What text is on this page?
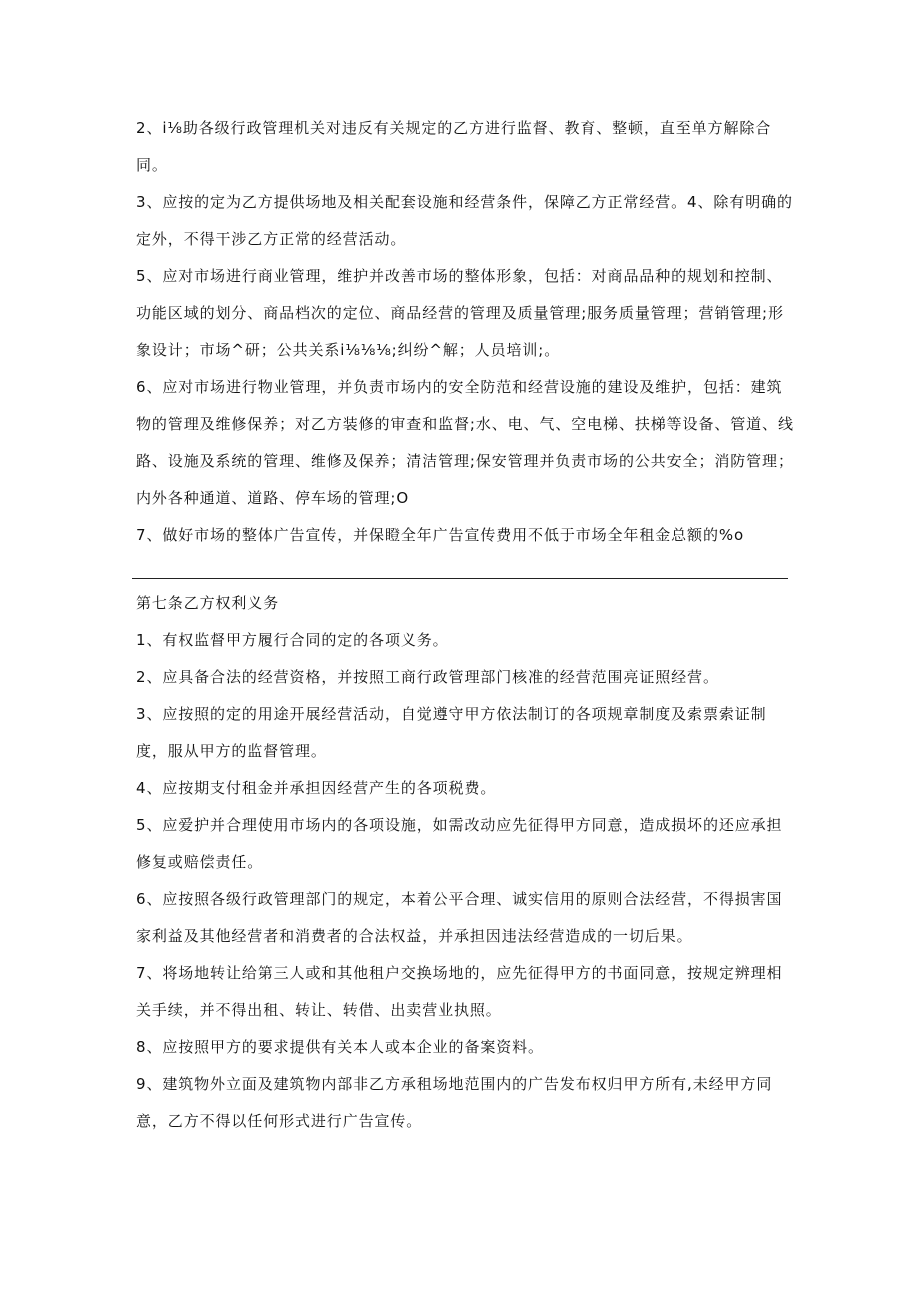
2、i⅛助各级行政管理机关对违反有关规定的乙方进行监督、教育、整顿，直至单方解除合同。

3、应按的定为乙方提供场地及相关配套设施和经营条件，保障乙方正常经营。4、除有明确的定外，不得干涉乙方正常的经营活动。

5、应对市场进行商业管理，维护并改善市场的整体形象，包括：对商品品种的规划和控制、功能区域的划分、商品档次的定位、商品经营的管理及质量管理;服务质量管理；营销管理;形象设计；市场^研；公共关系i⅛⅛⅛;纠纷^解；人员培训;。

6、应对市场进行物业管理，并负责市场内的安全防范和经营设施的建设及维护，包括：建筑物的管理及维修保养；对乙方装修的审查和监督;水、电、气、空电梯、扶梯等设备、管道、线路、设施及系统的管理、维修及保养；清洁管理;保安管理并负责市场的公共安全；消防管理；内外各种通道、道路、停车场的管理;O

7、做好市场的整体广告宣传，并保瞪全年广告宣传费用不低于市场全年租金总额的%o

第七条乙方权利义务

1、有权监督甲方履行合同的定的各项义务。

2、应具备合法的经营资格，并按照工商行政管理部门核准的经营范围亮证照经营。

3、应按照的定的用途开展经营活动，自觉遵守甲方依法制订的各项规章制度及索票索证制度，服从甲方的监督管理。

4、应按期支付租金并承担因经营产生的各项税费。

5、应爱护并合理使用市场内的各项设施，如需改动应先征得甲方同意，造成损坏的还应承担修复或赔偿责任。

6、应按照各级行政管理部门的规定，本着公平合理、诚实信用的原则合法经营，不得损害国家利益及其他经营者和消费者的合法权益，并承担因违法经营造成的一切后果。

7、将场地转让给第三人或和其他租户交换场地的，应先征得甲方的书面同意，按规定辨理相关手续，并不得出租、转让、转借、出卖营业执照。

8、应按照甲方的要求提供有关本人或本企业的备案资料。

9、建筑物外立面及建筑物内部非乙方承租场地范围内的广告发布权归甲方所有,未经甲方同意，乙方不得以任何形式进行广告宣传。
